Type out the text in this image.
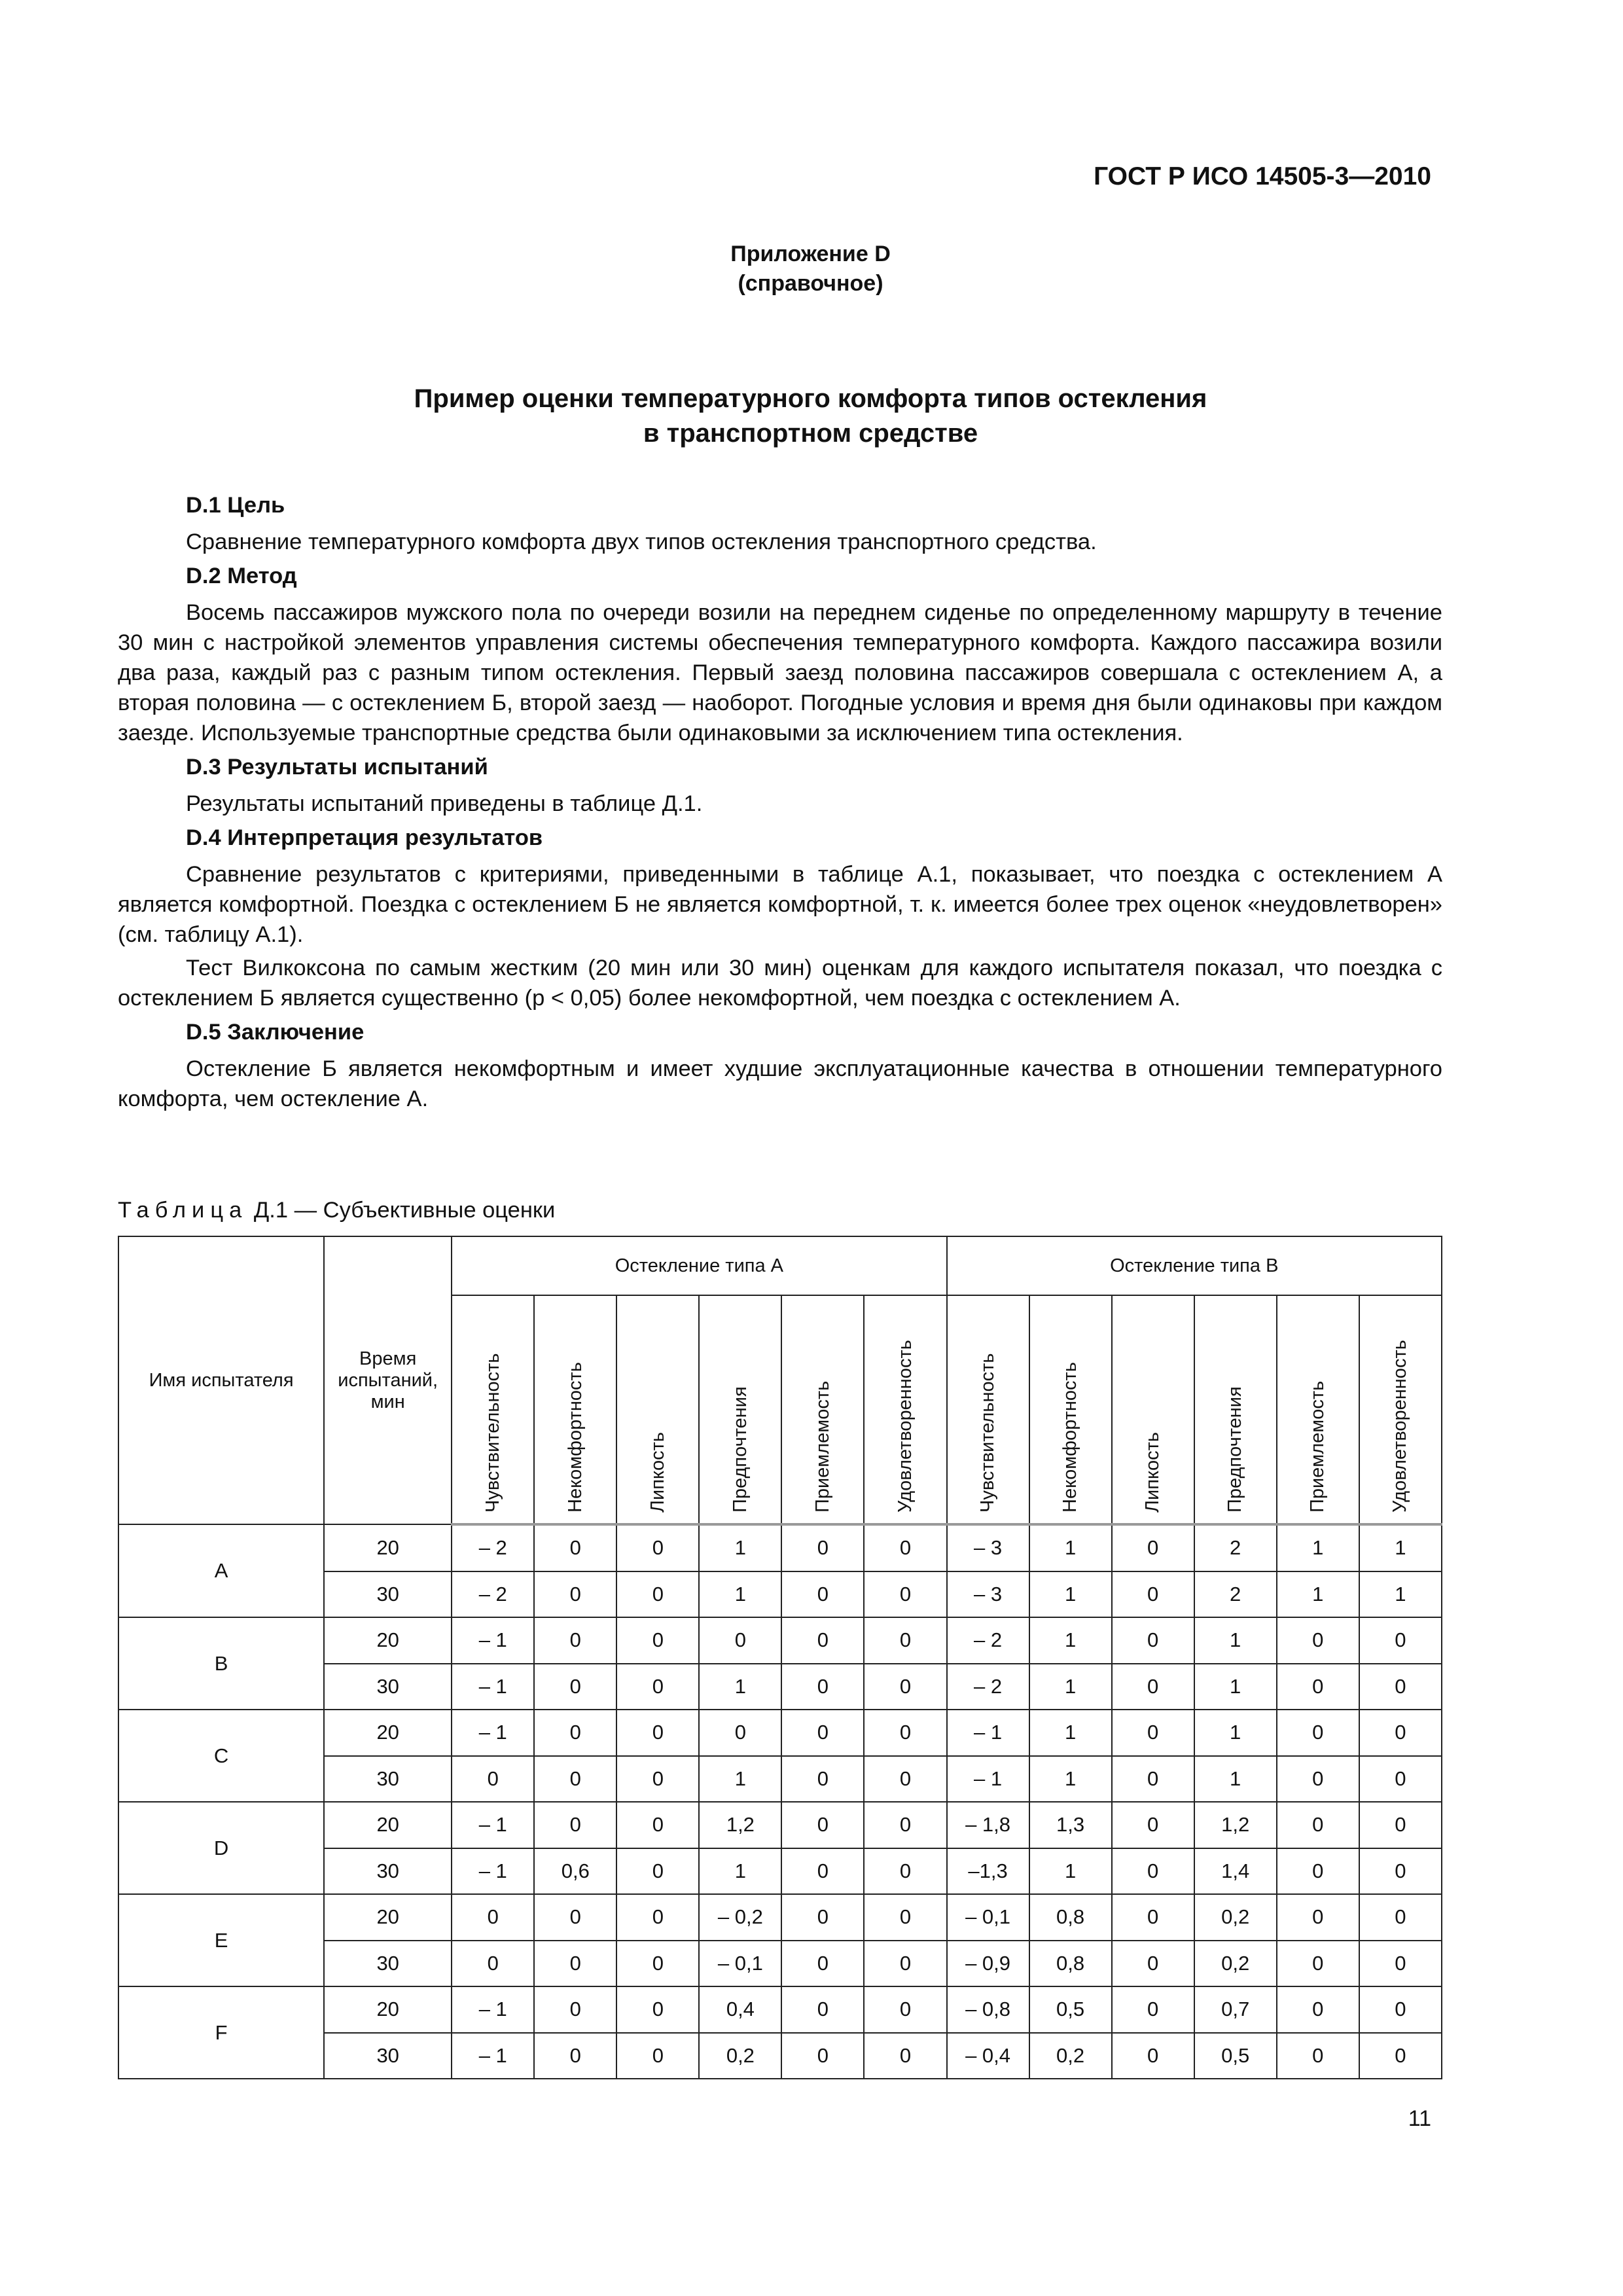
ГОСТ Р ИСО 14505-3—2010
Приложение D
(справочное)
Пример оценки температурного комфорта типов остекления
в транспортном средстве
D.1 Цель
Сравнение температурного комфорта двух типов остекления транспортного средства.
D.2 Метод
Восемь пассажиров мужского пола по очереди возили на переднем сиденье по определенному маршруту в течение 30 мин с настройкой элементов управления системы обеспечения температурного комфорта. Каждого пассажира возили два раза, каждый раз с разным типом остекления. Первый заезд половина пассажиров совершала с остеклением А, а вторая половина — с остеклением Б, второй заезд — наоборот. Погодные условия и время дня были одинаковы при каждом заезде. Используемые транспортные средства были одинаковыми за исключением типа остекления.
D.3 Результаты испытаний
Результаты испытаний приведены в таблице Д.1.
D.4 Интерпретация результатов
Сравнение результатов с критериями, приведенными в таблице А.1, показывает, что поездка с остеклением А является комфортной. Поездка с остеклением Б не является комфортной, т. к. имеется более трех оценок «неудовлетворен» (см. таблицу А.1).
Тест Вилкоксона по самым жестким (20 мин или 30 мин) оценкам для каждого испытателя показал, что поездка с остеклением Б является существенно (р < 0,05) более некомфортной, чем поездка с остеклением А.
D.5 Заключение
Остекление Б является некомфортным и имеет худшие эксплуатационные качества в отношении температурного комфорта, чем остекление А.
Таблица Д.1 — Субъективные оценки
Имя испытателя	Время испытаний, мин	Остекление типа A						Остекление типа B					
		Чувствительность	Некомфортность	Липкость	Предпочтения	Приемлемость	Удовлетворенность	Чувствительность	Некомфортность	Липкость	Предпочтения	Приемлемость	Удовлетворенность
A	20	– 2	0	0	1	0	0	– 3	1	0	2	1	1
	30	– 2	0	0	1	0	0	– 3	1	0	2	1	1
B	20	– 1	0	0	0	0	0	– 2	1	0	1	0	0
	30	– 1	0	0	1	0	0	– 2	1	0	1	0	0
C	20	– 1	0	0	0	0	0	– 1	1	0	1	0	0
	30	0	0	0	1	0	0	– 1	1	0	1	0	0
D	20	– 1	0	0	1,2	0	0	– 1,8	1,3	0	1,2	0	0
	30	– 1	0,6	0	1	0	0	–1,3	1	0	1,4	0	0
E	20	0	0	0	– 0,2	0	0	– 0,1	0,8	0	0,2	0	0
	30	0	0	0	– 0,1	0	0	– 0,9	0,8	0	0,2	0	0
F	20	– 1	0	0	0,4	0	0	– 0,8	0,5	0	0,7	0	0
	30	– 1	0	0	0,2	0	0	– 0,4	0,2	0	0,5	0	0
11
